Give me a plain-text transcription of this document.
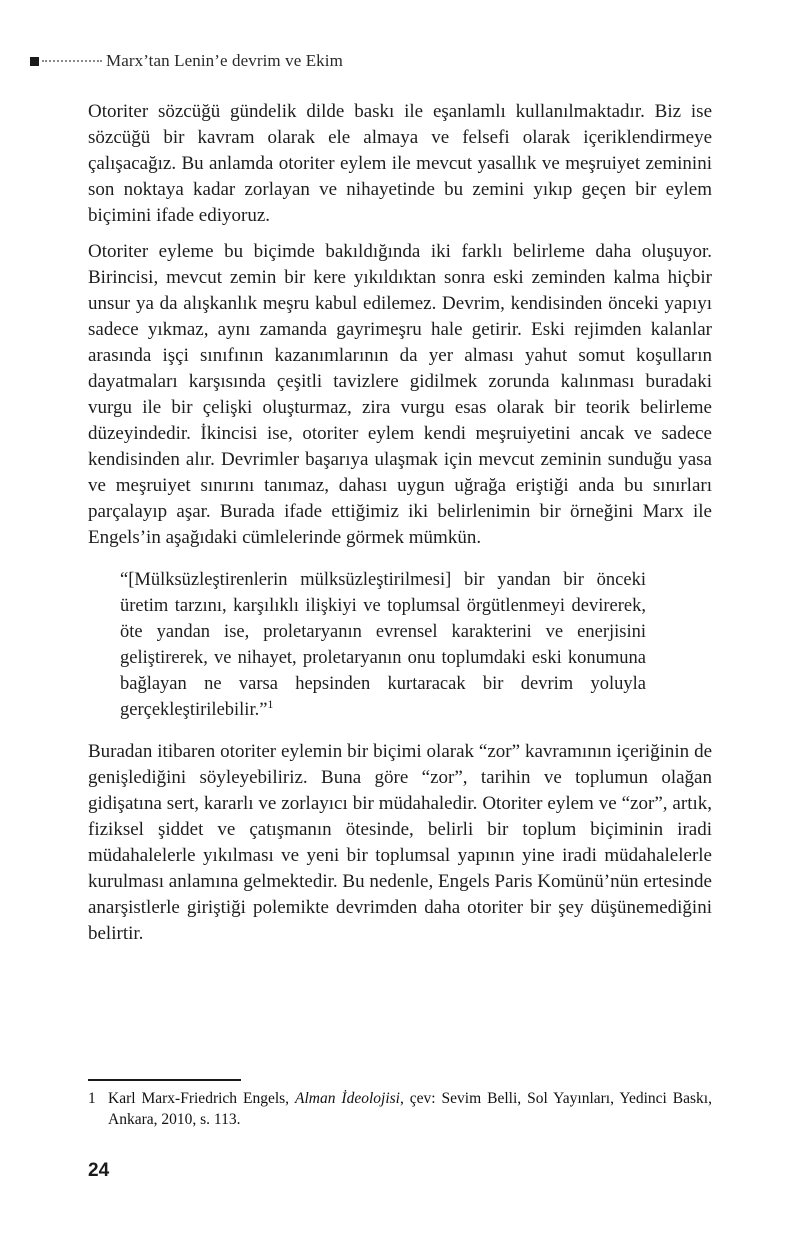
Marx’tan Lenin’e devrim ve Ekim

Otoriter sözcüğü gündelik dilde baskı ile eşanlamlı kullanılmaktadır. Biz ise sözcüğü bir kavram olarak ele almaya ve felsefi olarak içeriklendirmeye çalışacağız. Bu anlamda otoriter eylem ile mevcut yasallık ve meşruiyet zeminini son noktaya kadar zorlayan ve nihayetinde bu zemini yıkıp geçen bir eylem biçimini ifade ediyoruz.

Otoriter eyleme bu biçimde bakıldığında iki farklı belirleme daha oluşuyor. Birincisi, mevcut zemin bir kere yıkıldıktan sonra eski zeminden kalma hiçbir unsur ya da alışkanlık meşru kabul edilemez. Devrim, kendisinden önceki yapıyı sadece yıkmaz, aynı zamanda gayrimeşru hale getirir. Eski rejimden kalanlar arasında işçi sınıfının kazanımlarının da yer alması yahut somut koşulların dayatmaları karşısında çeşitli tavizlere gidilmek zorunda kalınması buradaki vurgu ile bir çelişki oluşturmaz, zira vurgu esas olarak bir teorik belirleme düzeyindedir. İkincisi ise, otoriter eylem kendi meşruiyetini ancak ve sadece kendisinden alır. Devrimler başarıya ulaşmak için mevcut zeminin sunduğu yasa ve meşruiyet sınırını tanımaz, dahası uygun uğrağa eriştiği anda bu sınırları parçalayıp aşar. Burada ifade ettiğimiz iki belirlenimin bir örneğini Marx ile Engels’in aşağıdaki cümlelerinde görmek mümkün.

“[Mülksüzleştirenlerin mülksüzleştirilmesi] bir yandan bir önceki üretim tarzını, karşılıklı ilişkiyi ve toplumsal örgütlenmeyi devirerek, öte yandan ise, proletaryanın evrensel karakterini ve enerjisini geliştirerek, ve nihayet, proletaryanın onu toplumdaki eski konumuna bağlayan ne varsa hepsinden kurtaracak bir devrim yoluyla gerçekleştirilebilir.”$^1$

Buradan itibaren otoriter eylemin bir biçimi olarak “zor” kavramının içeriğinin de genişlediğini söyleyebiliriz. Buna göre “zor”, tarihin ve toplumun olağan gidişatına sert, kararlı ve zorlayıcı bir müdahaledir. Otoriter eylem ve “zor”, artık, fiziksel şiddet ve çatışmanın ötesinde, belirli bir toplum biçiminin iradi müdahalelerle yıkılması ve yeni bir toplumsal yapının yine iradi müdahalelerle kurulması anlamına gelmektedir. Bu nedenle, Engels Paris Komünü’nün ertesinde anarşistlerle giriştiği polemikte devrimden daha otoriter bir şey düşünemediğini belirtir.

1 Karl Marx-Friedrich Engels, Alman İdeolojisi, çev: Sevim Belli, Sol Yayınları, Yedinci Baskı, Ankara, 2010, s. 113.
24
